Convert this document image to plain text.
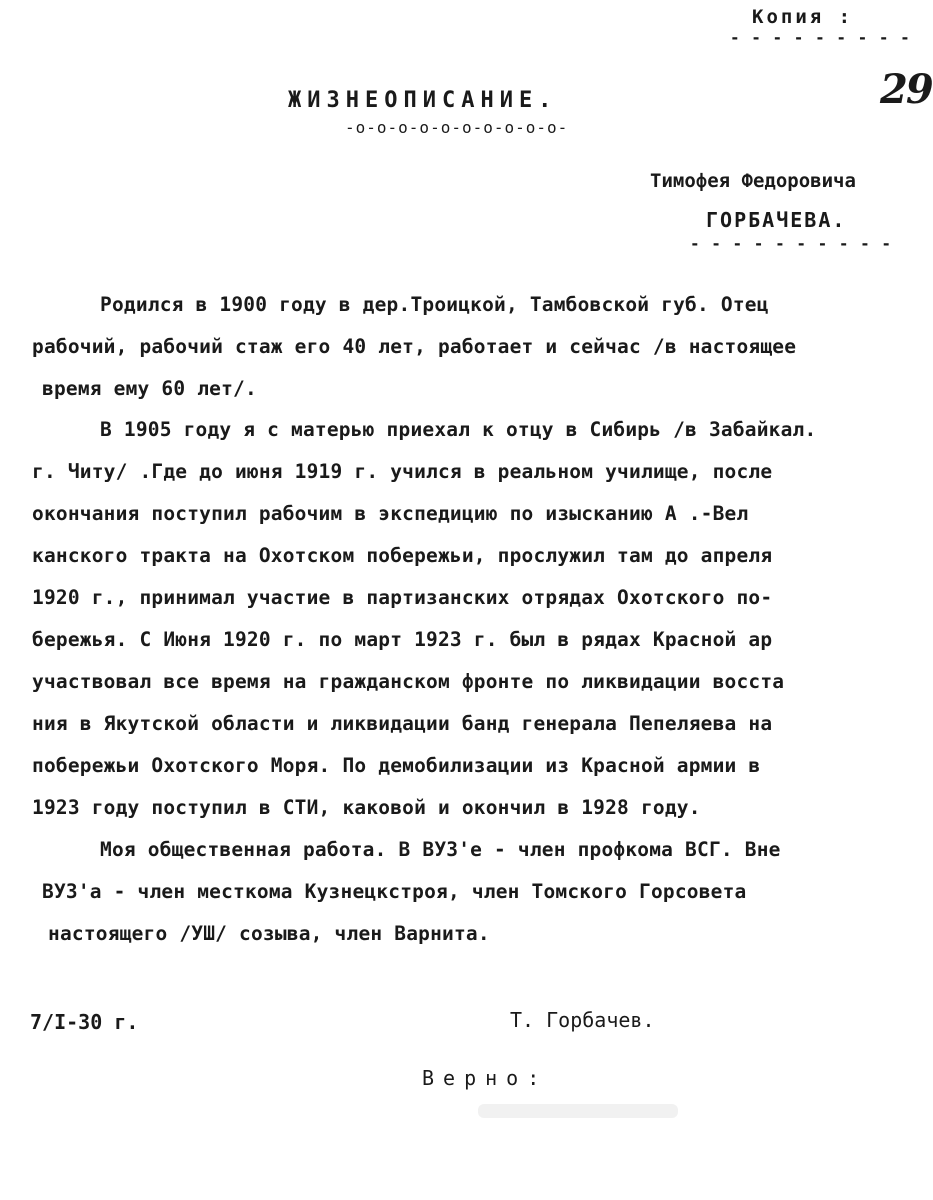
Копия :
- - - - - - - - -
29
ЖИЗНЕОПИСАНИЕ.
-о-о-о-о-о-о-о-о-о-о-
Тимофея Федоровича
ГОРБАЧЕВА.
- - - - - - - - - -
Родился в 1900 году в дер.Троицкой, Тамбовской губ. Отец
рабочий, рабочий стаж его 40 лет, работает и сейчас /в настоящее
время ему 60 лет/.
В 1905 году я с матерью приехал к отцу в Сибирь /в Забайкал.
г. Читу/ .Где до июня 1919 г. учился в реальном училище, после
окончания поступил рабочим в экспедицию по изысканию А .-Вел
канского тракта на Охотском побережьи, прослужил там до апреля
1920 г., принимал участие в партизанских отрядах Охотского по-
бережья. С Июня 1920 г. по март 1923 г. был в рядах Красной ар
участвовал все время на гражданском фронте по ликвидации восста
ния в Якутской области и ликвидации банд генерала Пепеляева на
побережьи Охотского Моря. По демобилизации из Красной армии в
1923 году поступил в СТИ, каковой и окончил в 1928 году.
Моя общественная работа. В ВУЗ'е - член профкома ВСГ. Вне
ВУЗ'а - член месткома Кузнецкстроя, член Томского Горсовета
настоящего /УШ/ созыва, член Варнита.
7/I-30 г.	Т. Горбачев.
Верно:
